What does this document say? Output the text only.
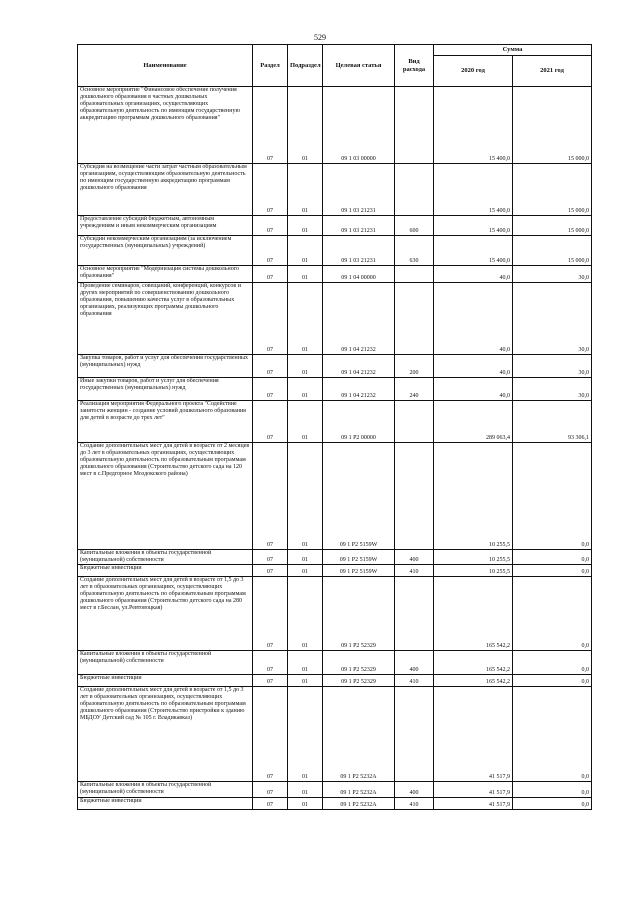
529
Наименование	Раздел	Подраздел	Целевая статья	Вид расхода	Сумма	
					2020 год	2021 год
Основное мероприятие "Финансовое обеспечение получения дошкольного образования в частных дошкольных образовательных организациях, осуществляющих образовательную деятельность по имеющим государственную аккредитацию программам дошкольного образования"	07	01	09 1 03 00000		15 400,0	15 000,0
Субсидия на возмещение части затрат частным образовательным организациям, осуществляющим образовательную деятельность по имеющим государственную аккредитацию программам дошкольного образования	07	01	09 1 03 21231		15 400,0	15 000,0
Предоставление субсидий бюджетным, автономным учреждениям и иным некоммерческим организациям	07	01	09 1 03 21231	600	15 400,0	15 000,0
Субсидии некоммерческим организациям (за исключением государственных (муниципальных) учреждений)	07	01	09 1 03 21231	630	15 400,0	15 000,0
Основное мероприятие "Модернизация системы дошкольного образования"	07	01	09 1 04 00000		40,0	30,0
Проведение семинаров, совещаний, конференций, конкурсов и других мероприятий по совершенствованию дошкольного образования, повышению качества услуг в образовательных организациях, реализующих программы дошкольного образования	07	01	09 1 04 21232		40,0	30,0
Закупка товаров, работ и услуг для обеспечения государственных (муниципальных) нужд	07	01	09 1 04 21232	200	40,0	30,0
Иные закупки товаров, работ и услуг для обеспечения государственных (муниципальных) нужд	07	01	09 1 04 21232	240	40,0	30,0
Реализация мероприятия Федерального проекта "Содействие занятости женщин - создание условий дошкольного образования для детей в возрасте до трех лет"	07	01	09 1 P2 00000		289 063,4	93 306,1
Создание дополнительных мест для детей в возрасте от 2 месяцев до 3 лет в образовательных организациях, осуществляющих образовательную деятельность по образовательным программам дошкольного образования (Строительство детского сада на 120 мест в с.Предгорное Моздокского района)	07	01	09 1 P2 5159W		10 255,5	0,0
Капитальные вложения в объекты государственной (муниципальной) собственности	07	01	09 1 P2 5159W	400	10 255,5	0,0
Бюджетные инвестиции	07	01	09 1 P2 5159W	410	10 255,5	0,0
Создание дополнительных мест для детей в возрасте от 1,5 до 3 лет в образовательных организациях, осуществляющих образовательную деятельность по образовательным программам дошкольного образования (Строительство детского сада на 280 мест в г.Беслан, ул.Ревтовоцкая)	07	01	09 1 P2 52329		165 542,2	0,0
Капитальные вложения в объекты государственной (муниципальной) собственности	07	01	09 1 P2 52329	400	165 542,2	0,0
Бюджетные инвестиции	07	01	09 1 P2 52329	410	165 542,2	0,0
Создание дополнительных мест для детей в возрасте от 1,5 до 3 лет в образовательных организациях, осуществляющих образовательную деятельность по образовательным программам дошкольного образования (Строительство пристройки к зданию МБДОУ Детский сад № 105 г. Владикавказ)	07	01	09 1 P2 5232A		41 517,9	0,0
Капитальные вложения в объекты государственной (муниципальной) собственности	07	01	09 1 P2 5232A	400	41 517,9	0,0
Бюджетные инвестиции	07	01	09 1 P2 5232A	410	41 517,9	0,0
